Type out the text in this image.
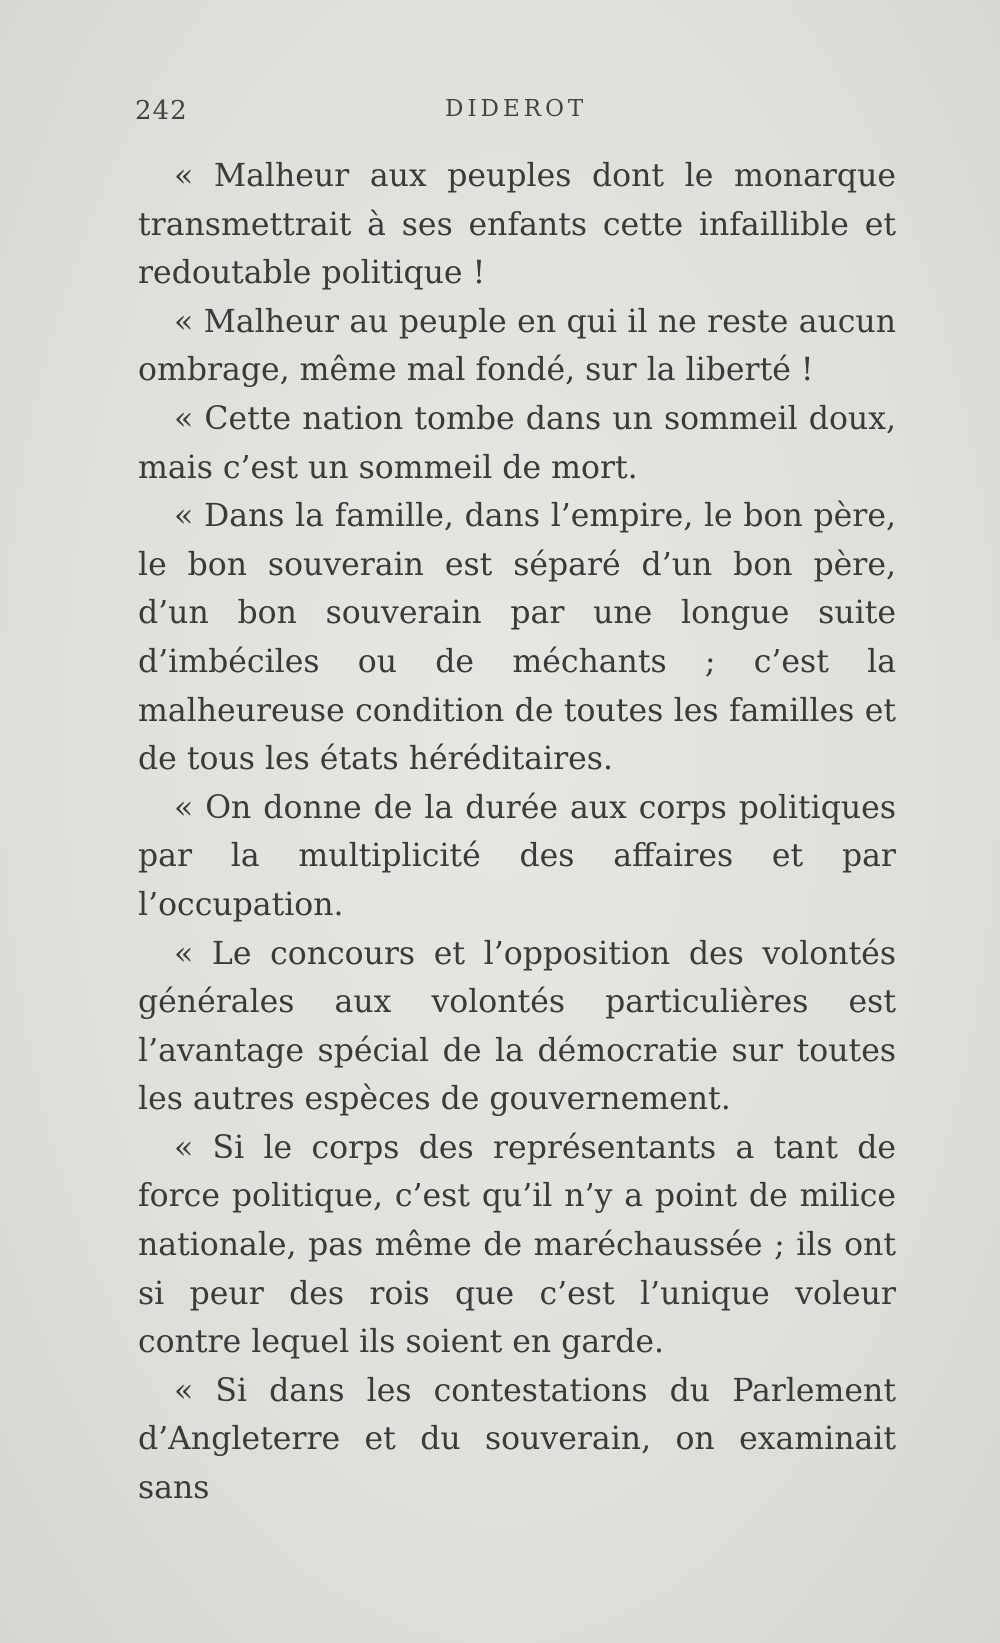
242	DIDEROT

« Malheur aux peuples dont le monarque transmettrait à ses enfants cette infaillible et redoutable politique !

« Malheur au peuple en qui il ne reste aucun ombrage, même mal fondé, sur la liberté !

« Cette nation tombe dans un sommeil doux, mais c’est un sommeil de mort.

« Dans la famille, dans l’empire, le bon père, le bon souverain est séparé d’un bon père, d’un bon souverain par une longue suite d’imbéciles ou de méchants ; c’est la malheureuse condition de toutes les familles et de tous les états héréditaires.

« On donne de la durée aux corps politiques par la multiplicité des affaires et par l’occupation.

« Le concours et l’opposition des volontés générales aux volontés particulières est l’avantage spécial de la démocratie sur toutes les autres espèces de gouvernement.

« Si le corps des représentants a tant de force politique, c’est qu’il n’y a point de milice nationale, pas même de maréchaussée ; ils ont si peur des rois que c’est l’unique voleur contre lequel ils soient en garde.

« Si dans les contestations du Parlement d’Angleterre et du souverain, on examinait sans
